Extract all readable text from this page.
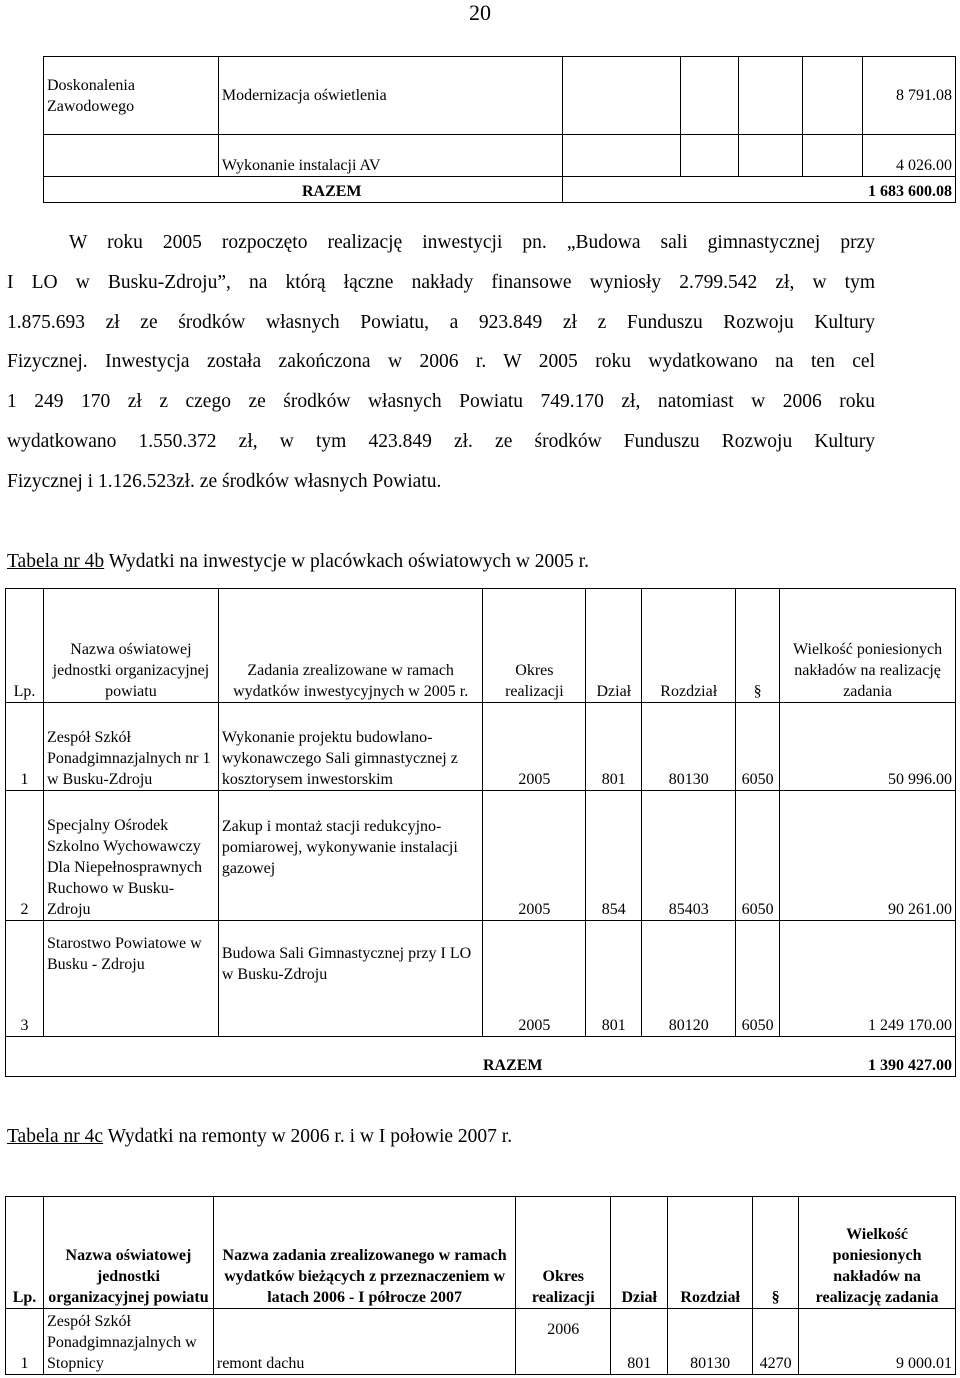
20
Doskonalenia Zawodowego	Modernizacja oświetlenia					8 791.08
	Wykonanie instalacji AV					4 026.00
RAZEM		1 683 600.08				
W roku 2005 rozpoczęto realizację inwestycji pn. „Budowa sali gimnastycznej przy
I LO w Busku-Zdroju”, na którą łączne nakłady finansowe wyniosły 2.799.542 zł, w tym
1.875.693 zł ze środków własnych Powiatu, a 923.849 zł z Funduszu Rozwoju Kultury
Fizycznej. Inwestycja została zakończona w 2006 r. W 2005 roku wydatkowano na ten cel
1 249 170 zł z czego ze środków własnych Powiatu 749.170 zł, natomiast w 2006 roku
wydatkowano 1.550.372 zł, w tym 423.849 zł. ze środków Funduszu Rozwoju Kultury
Fizycznej i 1.126.523zł. ze środków własnych Powiatu.
Tabela nr 4b Wydatki na inwestycje w placówkach oświatowych w 2005 r.
Lp.	Nazwa oświatowej jednostki organizacyjnej powiatu	Zadania zrealizowane w ramach wydatków inwestycyjnych w 2005 r.	Okres realizacji	Dział	Rozdział	§	Wielkość poniesionych nakładów na realizację zadania
1	Zespół Szkół Ponadgimnazjalnych nr 1 w Busku-Zdroju	Wykonanie projektu budowlano-wykonawczego Sali gimnastycznej z kosztorysem inwestorskim	2005	801	80130	6050	50 996.00
2	Specjalny Ośrodek Szkolno Wychowawczy Dla Niepełnosprawnych Ruchowo w Busku-Zdroju	Zakup i montaż stacji redukcyjno-pomiarowej, wykonywanie instalacji gazowej	2005	854	85403	6050	90 261.00
3	Starostwo Powiatowe w Busku - Zdroju	Budowa Sali Gimnastycznej przy I LO w Busku-Zdroju	2005	801	80120	6050	1 249 170.00
			RAZEM		1 390 427.00		
Tabela nr 4c Wydatki na remonty w 2006 r. i w I połowie 2007 r.
Lp.	Nazwa oświatowej jednostki organizacyjnej powiatu	Nazwa zadania zrealizowanego w ramach wydatków bieżących z przeznaczeniem w latach 2006 - I półrocze 2007	Okres realizacji	Dział	Rozdział	§	Wielkość poniesionych nakładów na realizację zadania
1	Zespół Szkół Ponadgimnazjalnych w Stopnicy	remont dachu	2006	801	80130	4270	9 000.01
